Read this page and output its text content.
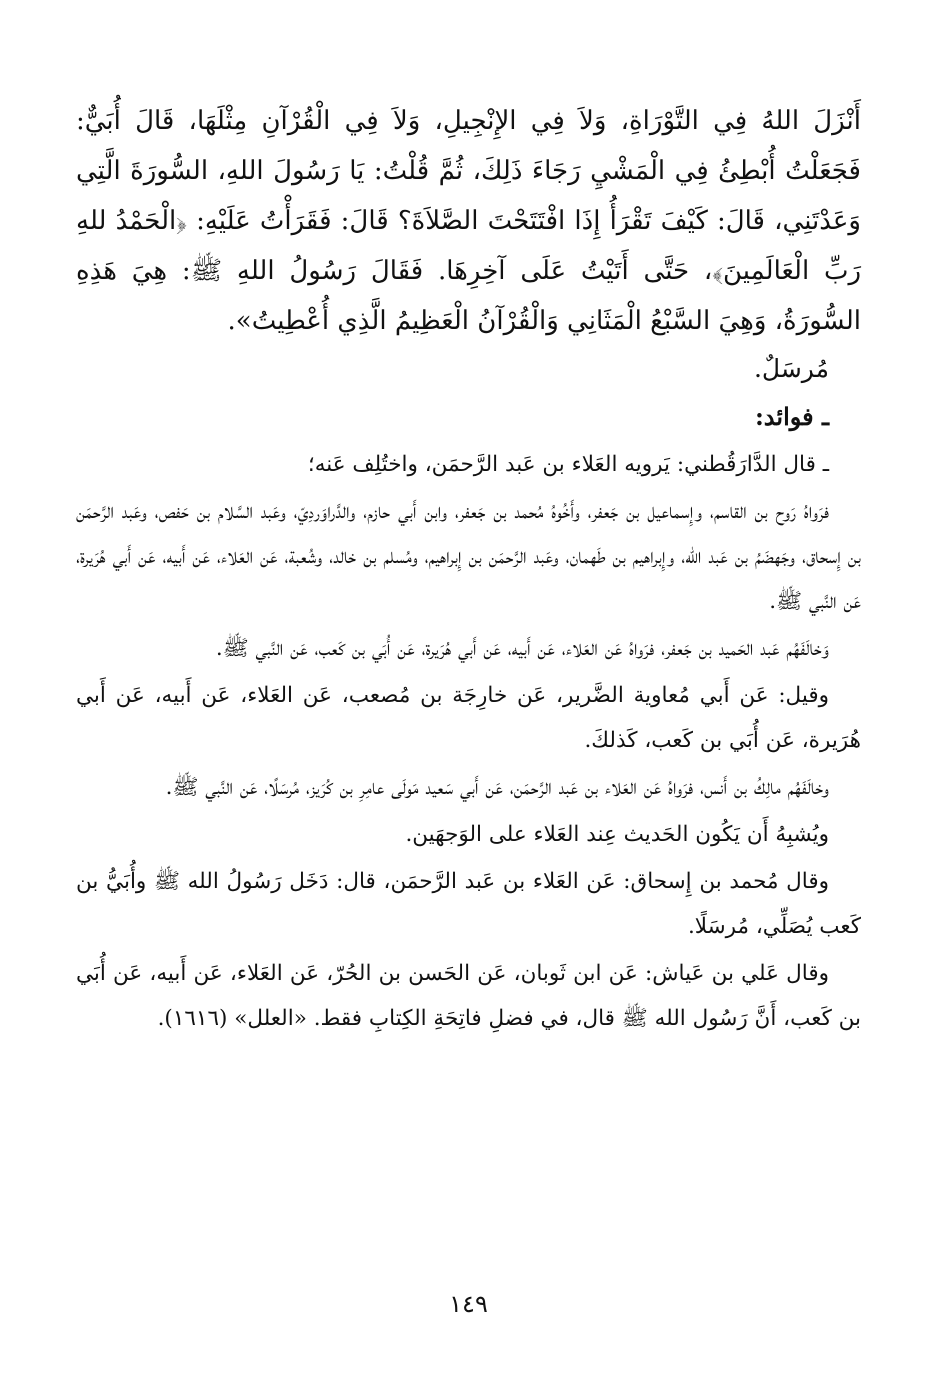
أَنْزَلَ اللهُ فِي التَّوْرَاةِ، وَلاَ فِي الإِنْجِيلِ، وَلاَ فِي الْقُرْآنِ مِثْلَهَا، قَالَ أُبَيٌّ: فَجَعَلْتُ أُبْطِئُ فِي الْمَشْيِ رَجَاءَ ذَلِكَ، ثُمَّ قُلْتُ: يَا رَسُولَ اللهِ، السُّورَةَ الَّتِي وَعَدْتَنِي، قَالَ: كَيْفَ تَقْرَأُ إِذَا افْتَتَحْتَ الصَّلاَةَ؟ قَالَ: فَقَرَأْتُ عَلَيْهِ: ﴿الْحَمْدُ للهِ رَبِّ الْعَالَمِينَ﴾، حَتَّى أَتَيْتُ عَلَى آخِرِهَا. فَقَالَ رَسُولُ اللهِ ﷺ: هِيَ هَذِهِ السُّورَةُ، وَهِيَ السَّبْعُ الْمَثَانِي وَالْقُرْآنُ الْعَظِيمُ الَّذِي أُعْطِيتُ».

مُرسَلٌ.

ـ فوائد:

ـ قال الدَّارَقُطني: يَرويه العَلاء بن عَبد الرَّحمَن، واختُلِف عَنه؛

فرَواهُ رَوح بن القاسم، وإِسماعيل بن جَعفر، وأَخُوهُ مُحمد بن جَعفر، وابن أَبي حازم، والدَّراوَردِيّ، وعَبد السَّلام بن حَفص، وعَبد الرَّحمَن بن إِسحاق، وجَهضَمُ بن عَبد الله، وإِبراهيم بن طَهمان، وعَبد الرَّحمَن بن إِبراهيم، ومُسلم بن خالد، وشُعبة، عَن العَلاء، عَن أَبيه، عَن أَبي هُرَيرة، عَن النَّبي ﷺ.

وَخالَفَهُم عَبد الحَميد بن جَعفر، فرَواهُ عَن العَلاء، عَن أَبيه، عَن أَبي هُرَيرة، عَن أُبَي بن كَعب، عَن النَّبي ﷺ.

وقيل: عَن أَبي مُعاوية الضَّرير، عَن خارِجَة بن مُصعب، عَن العَلاء، عَن أَبيه، عَن أَبي هُرَيرة، عَن أُبَي بن كَعب، كَذلكَ.

وخالَفَهُم مالِكُ بن أَنس، فرَواهُ عَن العَلاء بن عَبد الرَّحمَن، عَن أَبي سَعيد مَولَى عامِرِ بن كُرَيز، مُرسَلًا، عَن النَّبي ﷺ.

ويُشبِهُ أَن يَكُون الحَديث عِند العَلاء على الوَجهَين.

وقال مُحمد بن إِسحاق: عَن العَلاء بن عَبد الرَّحمَن، قال: دَخَل رَسُولُ الله ﷺ وأُبَيُّ بن كَعب يُصَلِّي، مُرسَلًا.

وقال عَلي بن عَياش: عَن ابن ثَوبان، عَن الحَسن بن الحُرّ، عَن العَلاء، عَن أَبيه، عَن أُبَي بن كَعب، أَنَّ رَسُول الله ﷺ قال، في فضلِ فاتِحَةِ الكِتابِ فقط. «العلل» (١٦١٦).

١٤٩
